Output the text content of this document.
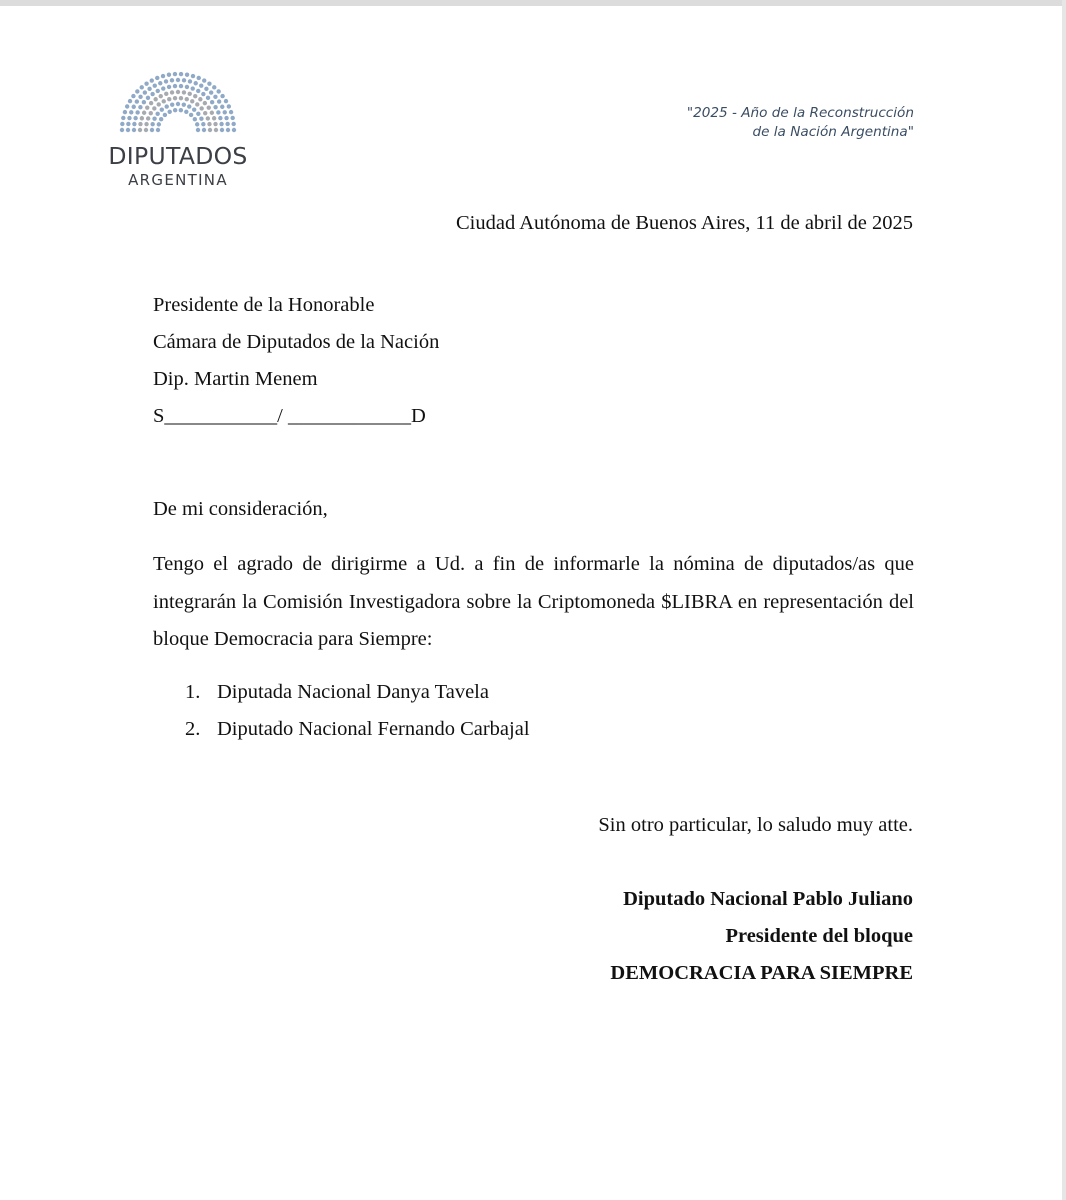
DIPUTADOS
ARGENTINA
"2025 - Año de la Reconstrucción
de la Nación Argentina"
Ciudad Autónoma de Buenos Aires, 11 de abril de 2025
Presidente de la Honorable
Cámara de Diputados de la Nación
Dip. Martin Menem
S___________/ ____________D
De mi consideración,
Tengo el agrado de dirigirme a Ud. a fin de informarle la nómina de diputados/as que integrarán la Comisión Investigadora sobre la Criptomoneda $LIBRA en representación del bloque Democracia para Siempre:
1. Diputada Nacional Danya Tavela
2. Diputado Nacional Fernando Carbajal
Sin otro particular, lo saludo muy atte.
Diputado Nacional Pablo Juliano
Presidente del bloque
DEMOCRACIA PARA SIEMPRE
